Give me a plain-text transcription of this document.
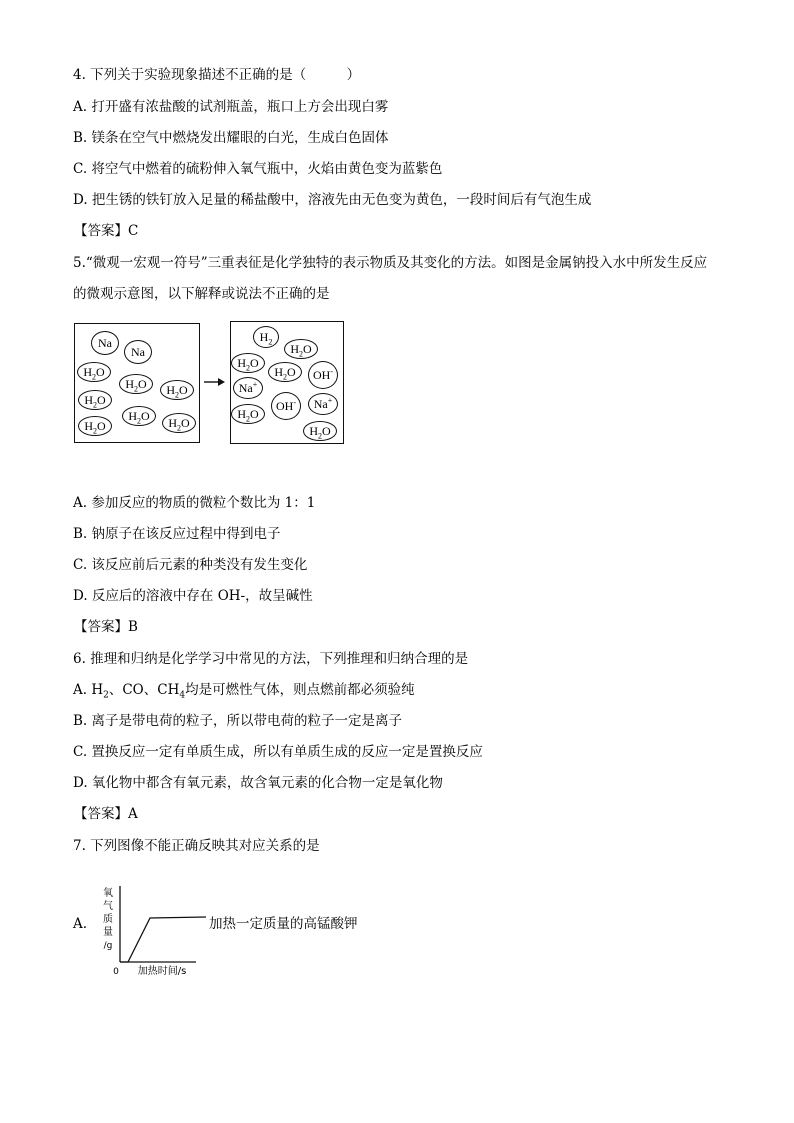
4. 下列关于实验现象描述不正确的是（　　　）
A. 打开盛有浓盐酸的试剂瓶盖，瓶口上方会出现白雾
B. 镁条在空气中燃烧发出耀眼的白光，生成白色固体
C. 将空气中燃着的硫粉伸入氧气瓶中，火焰由黄色变为蓝紫色
D. 把生锈的铁钉放入足量的稀盐酸中，溶液先由无色变为黄色，一段时间后有气泡生成
【答案】C
5.“微观一宏观一符号”三重表征是化学独特的表示物质及其变化的方法。如图是金属钠投入水中所发生反应
的微观示意图，以下解释或说法不正确的是
Na
Na
$H_2O$
$H_2O$ $H_2O$
$H_2O$
$H_2O$
$H_2O$	$H_2O$
$H_2$
$H_2O$
$H_2O$
$H_2O$ OH-
Na+
OH- Na+
$H_2O$
$H_2O$
A. 参加反应的物质的微粒个数比为 1：1
B. 钠原子在该反应过程中得到电子
C. 该反应前后元素的种类没有发生变化
D. 反应后的溶液中存在 OH-，故呈碱性
【答案】B
6. 推理和归纳是化学学习中常见的方法，下列推理和归纳合理的是
A. $H_2$、CO、$CH_4$均是可燃性气体，则点燃前都必须验纯
B. 离子是带电荷的粒子，所以带电荷的粒子一定是离子
C. 置换反应一定有单质生成，所以有单质生成的反应一定是置换反应
D. 氧化物中都含有氧元素，故含氧元素的化合物一定是氧化物
【答案】A
7. 下列图像不能正确反映其对应关系的是
A.	加热一定质量的高锰酸钾
氧
气
质
量
/g
0 加热时间/s
